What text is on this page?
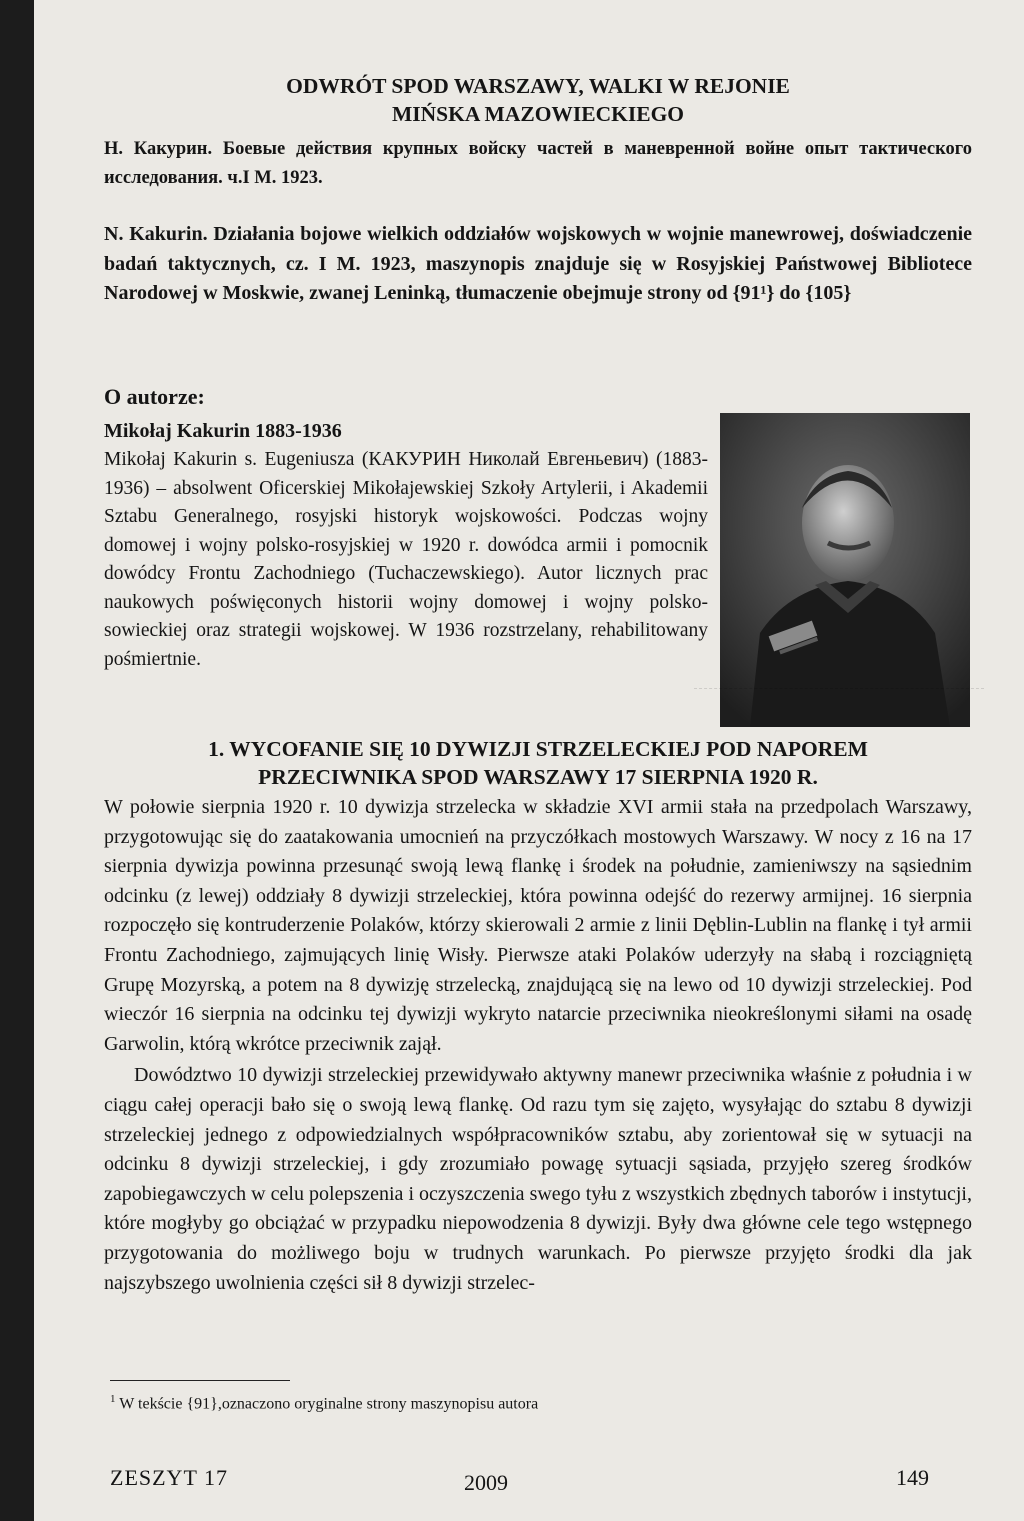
ODWRÓT SPOD WARSZAWY, WALKI W REJONIE
MIŃSKA MAZOWIECKIEGO
Н. Какурин. Боевые действия крупных войску частей в маневренной войне опыт тактического исследования. ч.I М. 1923.
N. Kakurin. Działania bojowe wielkich oddziałów wojskowych w wojnie manewrowej, doświadczenie badań taktycznych, cz. I M. 1923, maszynopis znajduje się w Rosyjskiej Państwowej Bibliotece Narodowej w Moskwie, zwanej Leninką, tłumaczenie obejmuje strony od {91¹} do {105}
O autorze:
Mikołaj Kakurin 1883-1936
Mikołaj Kakurin s. Eugeniusza (КАКУРИН Николай Евгеньевич) (1883-1936) – absolwent Oficerskiej Mikołajewskiej Szkoły Artylerii, i Akademii Sztabu Generalnego, rosyjski historyk wojskowości. Podczas wojny domowej i wojny polsko-rosyjskiej w 1920 r. dowódca armii i pomocnik dowódcy Frontu Zachodniego (Tuchaczewskiego). Autor licznych prac naukowych poświęconych historii wojny domowej i wojny polsko-sowieckiej oraz strategii wojskowej. W 1936 rozstrzelany, rehabilitowany pośmiertnie.
1. WYCOFANIE SIĘ 10 DYWIZJI STRZELECKIEJ POD NAPOREM
PRZECIWNIKA SPOD WARSZAWY 17 SIERPNIA 1920 R.

W połowie sierpnia 1920 r. 10 dywizja strzelecka w składzie XVI armii stała na przedpolach Warszawy, przygotowując się do zaatakowania umocnień na przyczółkach mostowych Warszawy. W nocy z 16 na 17 sierpnia dywizja powinna przesunąć swoją lewą flankę i środek na południe, zamieniwszy na sąsiednim odcinku (z lewej) oddziały 8 dywizji strzeleckiej, która powinna odejść do rezerwy armijnej. 16 sierpnia rozpoczęło się kontruderzenie Polaków, którzy skierowali 2 armie z linii Dęblin-Lublin na flankę i tył armii Frontu Zachodniego, zajmujących linię Wisły. Pierwsze ataki Polaków uderzyły na słabą i rozciągniętą Grupę Mozyrską, a potem na 8 dywizję strzelecką, znajdującą się na lewo od 10 dywizji strzeleckiej. Pod wieczór 16 sierpnia na odcinku tej dywizji wykryto natarcie przeciwnika nieokreślonymi siłami na osadę Garwolin, którą wkrótce przeciwnik zajął.

Dowództwo 10 dywizji strzeleckiej przewidywało aktywny manewr przeciwnika właśnie z południa i w ciągu całej operacji bało się o swoją lewą flankę. Od razu tym się zajęto, wysyłając do sztabu 8 dywizji strzeleckiej jednego z odpowiedzialnych współpracowników sztabu, aby zorientował się w sytuacji na odcinku 8 dywizji strzeleckiej, i gdy zrozumiało powagę sytuacji sąsiada, przyjęło szereg środków zapobiegawczych w celu polepszenia i oczyszczenia swego tyłu z wszystkich zbędnych taborów i instytucji, które mogłyby go obciążać w przypadku niepowodzenia 8 dywizji. Były dwa główne cele tego wstępnego przygotowania do możliwego boju w trudnych warunkach. Po pierwsze przyjęto środki dla jak najszybszego uwolnienia części sił 8 dywizji strzelec-

$^1$ W tekście {91},oznaczono oryginalne strony maszynopisu autora
ZESZYT 17	2009	149
